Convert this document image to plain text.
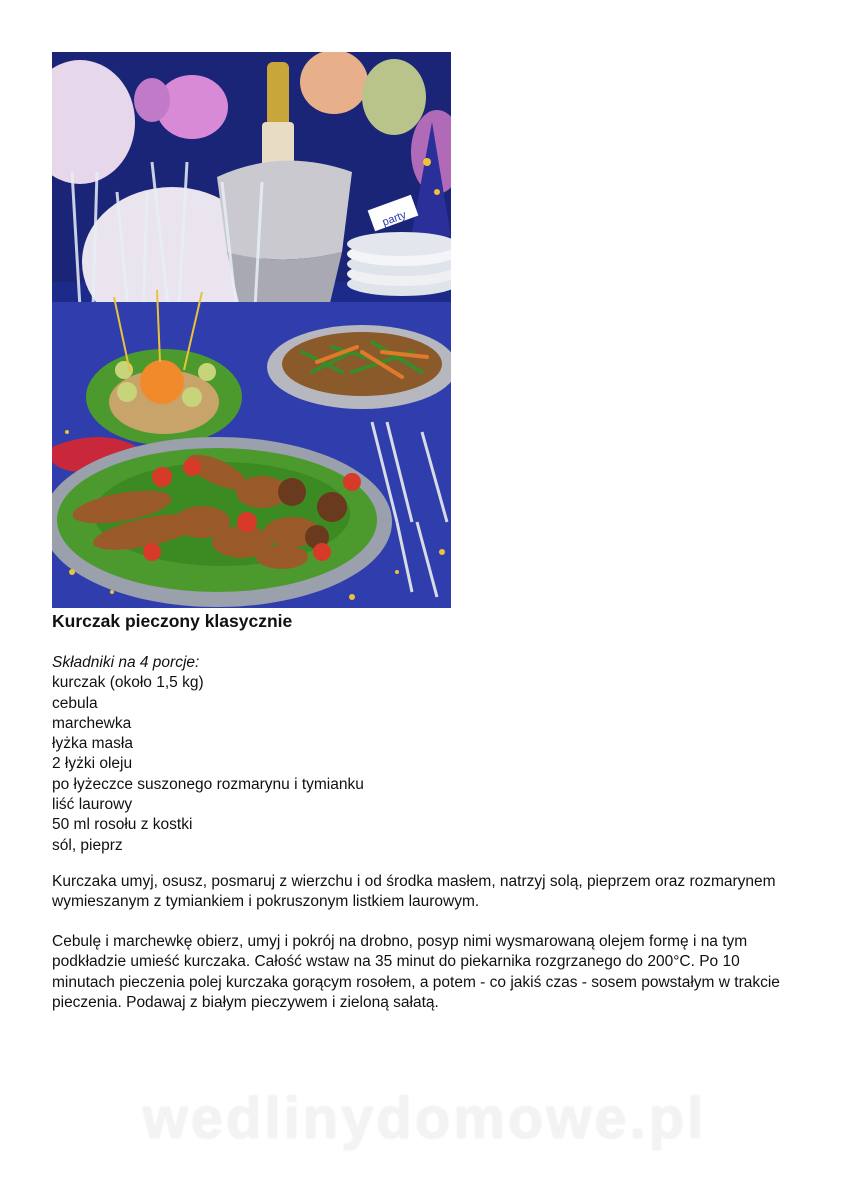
party
Kurczak pieczony klasycznie
Składniki na 4 porcje:
kurczak (około 1,5 kg)
cebula
marchewka
łyżka masła
2 łyżki oleju
po łyżeczce suszonego rozmarynu i tymianku
liść laurowy
50 ml rosołu z kostki
sól, pieprz

Kurczaka umyj, osusz, posmaruj z wierzchu i od środka masłem, natrzyj solą, pieprzem oraz rozmarynem wymieszanym z tymiankiem i pokruszonym listkiem laurowym.

Cebulę i marchewkę obierz, umyj i pokrój na drobno, posyp nimi wysmarowaną olejem formę i na tym podkładzie umieść kurczaka. Całość wstaw na 35 minut do piekarnika rozgrzanego do 200°C. Po 10 minutach pieczenia polej kurczaka gorącym rosołem, a potem - co jakiś czas - sosem powstałym w trakcie pieczenia. Podawaj z białym pieczywem i zieloną sałatą.

wedlinydomowe.pl
